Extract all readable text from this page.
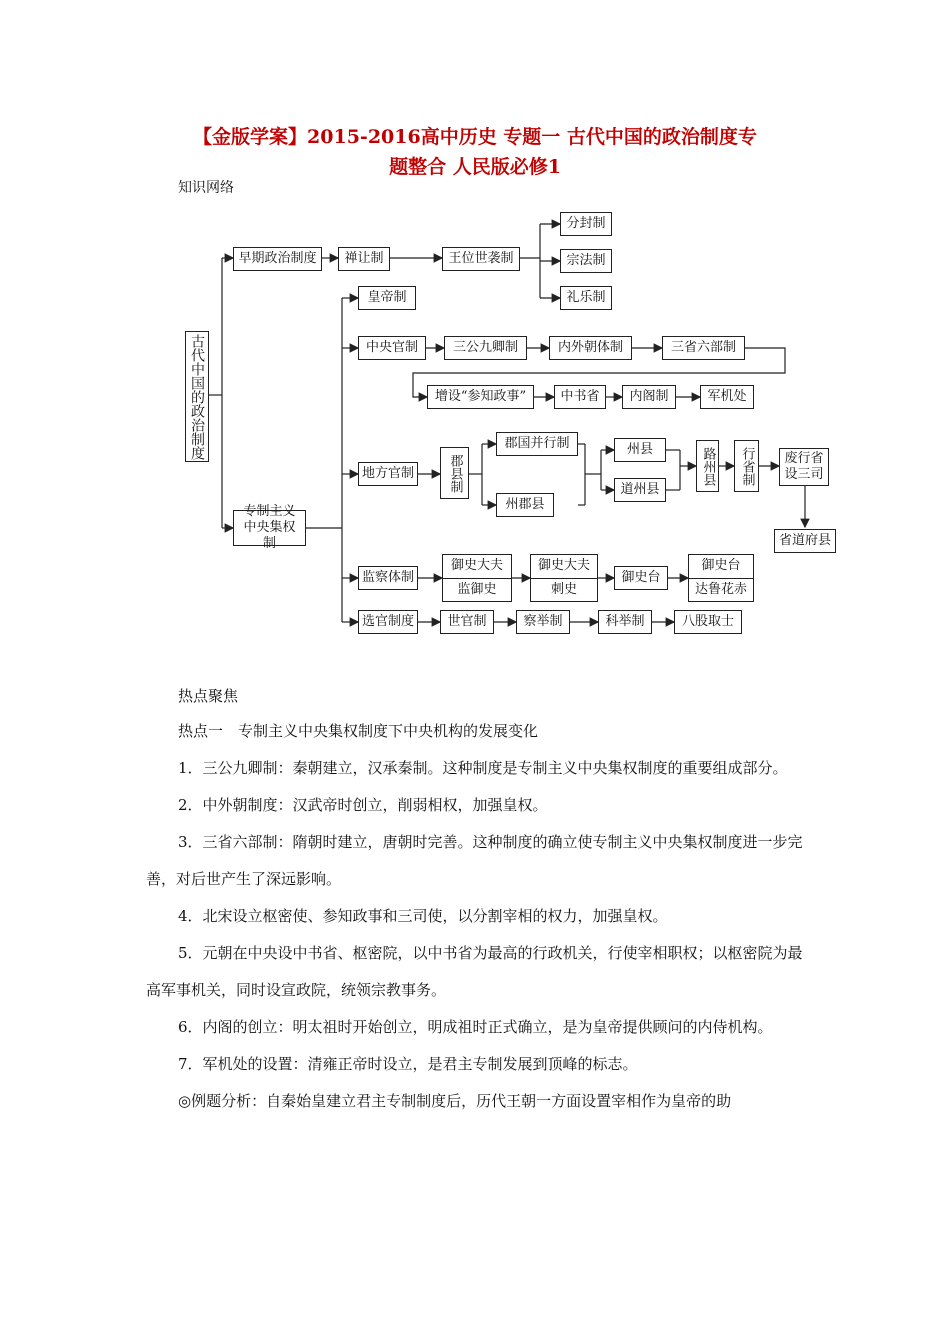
【金版学案】2015-2016高中历史 专题一 古代中国的政治制度专
题整合 人民版必修1
知识网络
古代中国的政治制度
早期政治制度	禅让制	王位世袭制
分封制
宗法制
礼乐制
专制主义中央集权制
皇帝制
中央官制	三公九卿制	内外朝体制	三省六部制
增设“参知政事”	中书省	内阁制	军机处
地方官制	郡县制
郡国并行制
州郡县
州县
道州县
路州县	行省制	废行省设三司
省道府县
监察体制
御史大夫
监御史
御史大夫
刺史
御史台
御史台
达鲁花赤
选官制度	世官制	察举制	科举制	八股取士
热点聚焦
热点一　专制主义中央集权制度下中央机构的发展变化

1．三公九卿制：秦朝建立，汉承秦制。这种制度是专制主义中央集权制度的重要组成部分。

2．中外朝制度：汉武帝时创立，削弱相权，加强皇权。

3．三省六部制：隋朝时建立，唐朝时完善。这种制度的确立使专制主义中央集权制度进一步完善，对后世产生了深远影响。

4．北宋设立枢密使、参知政事和三司使，以分割宰相的权力，加强皇权。

5．元朝在中央设中书省、枢密院，以中书省为最高的行政机关，行使宰相职权；以枢密院为最高军事机关，同时设宣政院，统领宗教事务。

6．内阁的创立：明太祖时开始创立，明成祖时正式确立，是为皇帝提供顾问的内侍机构。

7．军机处的设置：清雍正帝时设立，是君主专制发展到顶峰的标志。

◎例题分析：自秦始皇建立君主专制制度后，历代王朝一方面设置宰相作为皇帝的助
